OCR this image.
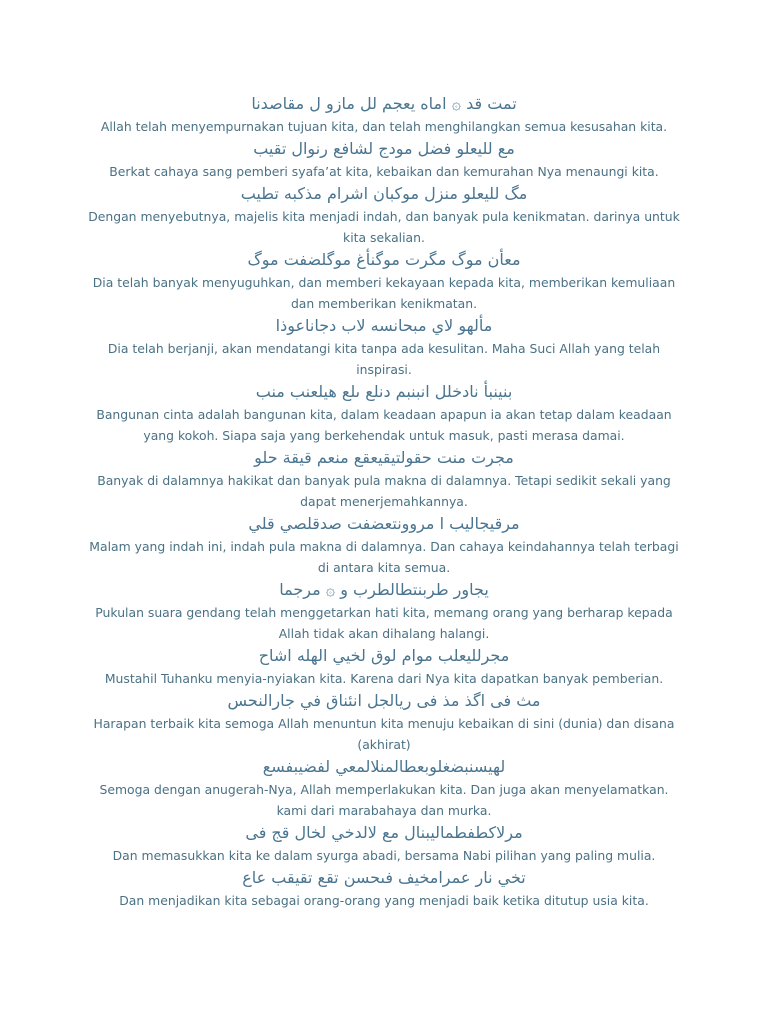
تمت قد ۞ اماه يعجم لل مازو ل مقاصدنا
Allah telah menyempurnakan tujuan kita, dan telah menghilangkan semua kesusahan kita.
مع لليعلو فضل مودج لشافع رنوال تقيب
Berkat cahaya sang pemberi syafa’at kita, kebaikan dan kemurahan Nya menaungi kita.
مگ لليعلو منزل موكبان اشرام مذكبه تطيب
Dengan menyebutnya, majelis kita menjadi indah, dan banyak pula kenikmatan. darinya untuk kita sekalian.
معأن موگ مگرت موگنأغ موگلضفت موگ
Dia telah banyak menyuguhkan, dan memberi kekayaan kepada kita, memberikan kemuliaan dan memberikan kenikmatan.
مألهو لاي مبحانسه لاب دجاناعوذا
Dia telah berjanji, akan mendatangi kita tanpa ada kesulitan. Maha Suci Allah yang telah inspirasi.
بنينبأ نادخلل انبنبم دنلع ىلع هيلعنب منب
Bangunan cinta adalah bangunan kita, dalam keadaan apapun ia akan tetap dalam keadaan yang kokoh. Siapa saja yang berkehendak untuk masuk, pasti merasa damai.
مجرت منت حقولتيقيعقع منعم قيقة حلو
Banyak di dalamnya hakikat dan banyak pula makna di dalamnya. Tetapi sedikit sekali yang dapat menerjemahkannya.
مرقيجاليب ا مروونتعضفت صدقلصي قلي
Malam yang indah ini, indah pula makna di dalamnya. Dan cahaya keindahannya telah terbagi di antara kita semua.
يجاور طربنتطالطرب و ۞ مرجما
Pukulan suara gendang telah menggetarkan hati kita, memang orang yang berharap kepada Allah tidak akan dihalang halangi.
مجرلليعلب موام لوق لخيي الهله اشاح
Mustahil Tuhanku menyia-nyiakan kita. Karena dari Nya kita dapatkan banyak pemberian.
مث فى اگذ مذ فى ريالجل انئناق في جارالنحس
Harapan terbaik kita semoga Allah menuntun kita menuju kebaikan di sini (dunia) dan disana (akhirat)
لهيسنبضغلوبعطالمنلالمعي لفضيبفسع
Semoga dengan anugerah-Nya, Allah memperlakukan kita. Dan juga akan menyelamatkan. kami dari marabahaya dan murka.
مرلاكطفطماليبنال مع لالدخي لخال قج فى
Dan memasukkan kita ke dalam syurga abadi, bersama Nabi pilihan yang paling mulia.
تخي نار عمرامخيف فىحسن تقع تقيقب عاع
Dan menjadikan kita sebagai orang-orang yang menjadi baik ketika ditutup usia kita.
